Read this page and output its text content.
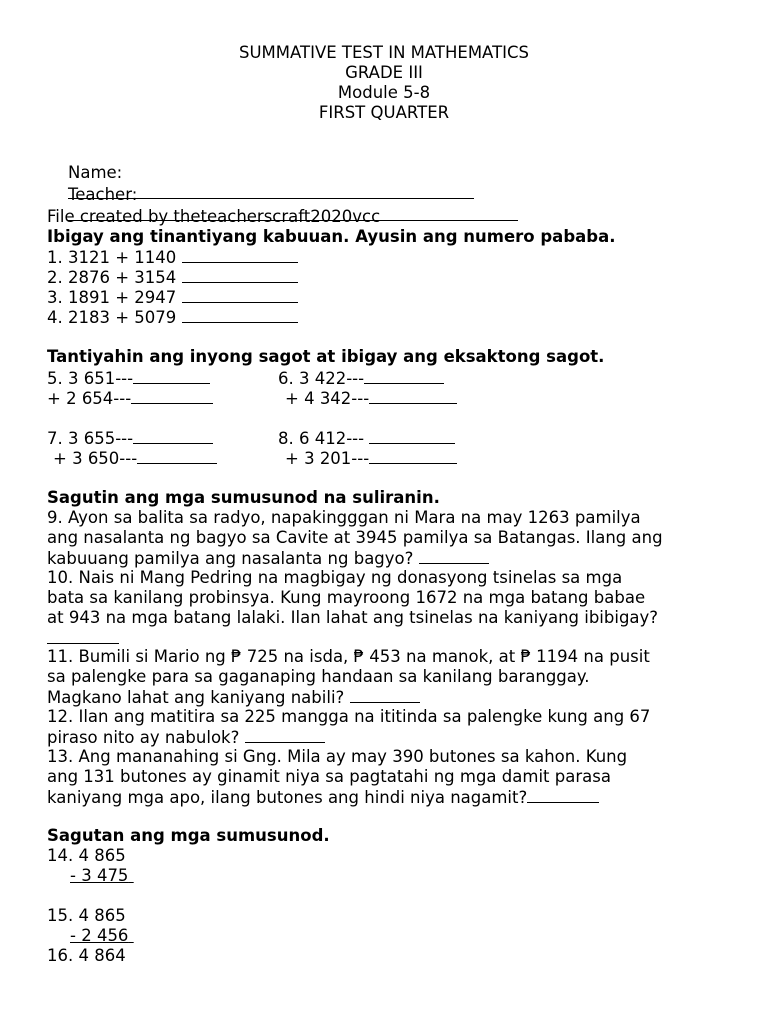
SUMMATIVE TEST IN MATHEMATICS
GRADE III
Module 5-8
FIRST QUARTER

Name:

Teacher:

File created by theteacherscraft2020vcc
Ibigay ang tinantiyang kabuuan. Ayusin ang numero pababa.
1. 3121 + 1140
2. 2876 + 3154
3. 1891 + 2947
4. 2183 + 5079
Tantiyahin ang inyong sagot at ibigay ang eksaktong sagot.
5. 3 651---
+ 2 654---
6. 3 422---
+ 4 342---
7. 3 655---
+ 3 650---
8. 6 412---
+ 3 201---
Sagutin ang mga sumusunod na suliranin.
9. Ayon sa balita sa radyo, napakingggan ni Mara na may 1263 pamilya
ang nasalanta ng bagyo sa Cavite at 3945 pamilya sa Batangas. Ilang ang
kabuuang pamilya ang nasalanta ng bagyo?
10. Nais ni Mang Pedring na magbigay ng donasyong tsinelas sa mga
bata sa kanilang probinsya. Kung mayroong 1672 na mga batang babae
at 943 na mga batang lalaki. Ilan lahat ang tsinelas na kaniyang ibibigay?
11. Bumili si Mario ng ₱ 725 na isda, ₱ 453 na manok, at ₱ 1194 na pusit
sa palengke para sa gaganaping handaan sa kanilang baranggay.
Magkano lahat ang kaniyang nabili?
12. Ilan ang matitira sa 225 mangga na ititinda sa palengke kung ang 67
piraso nito ay nabulok?
13. Ang mananahing si Gng. Mila ay may 390 butones sa kahon. Kung
ang 131 butones ay ginamit niya sa pagtatahi ng mga damit parasa
kaniyang mga apo, ilang butones ang hindi niya nagamit?
Sagutan ang mga sumusunod.
14. 4 865
- 3 475
15. 4 865
- 2 456
16. 4 864
